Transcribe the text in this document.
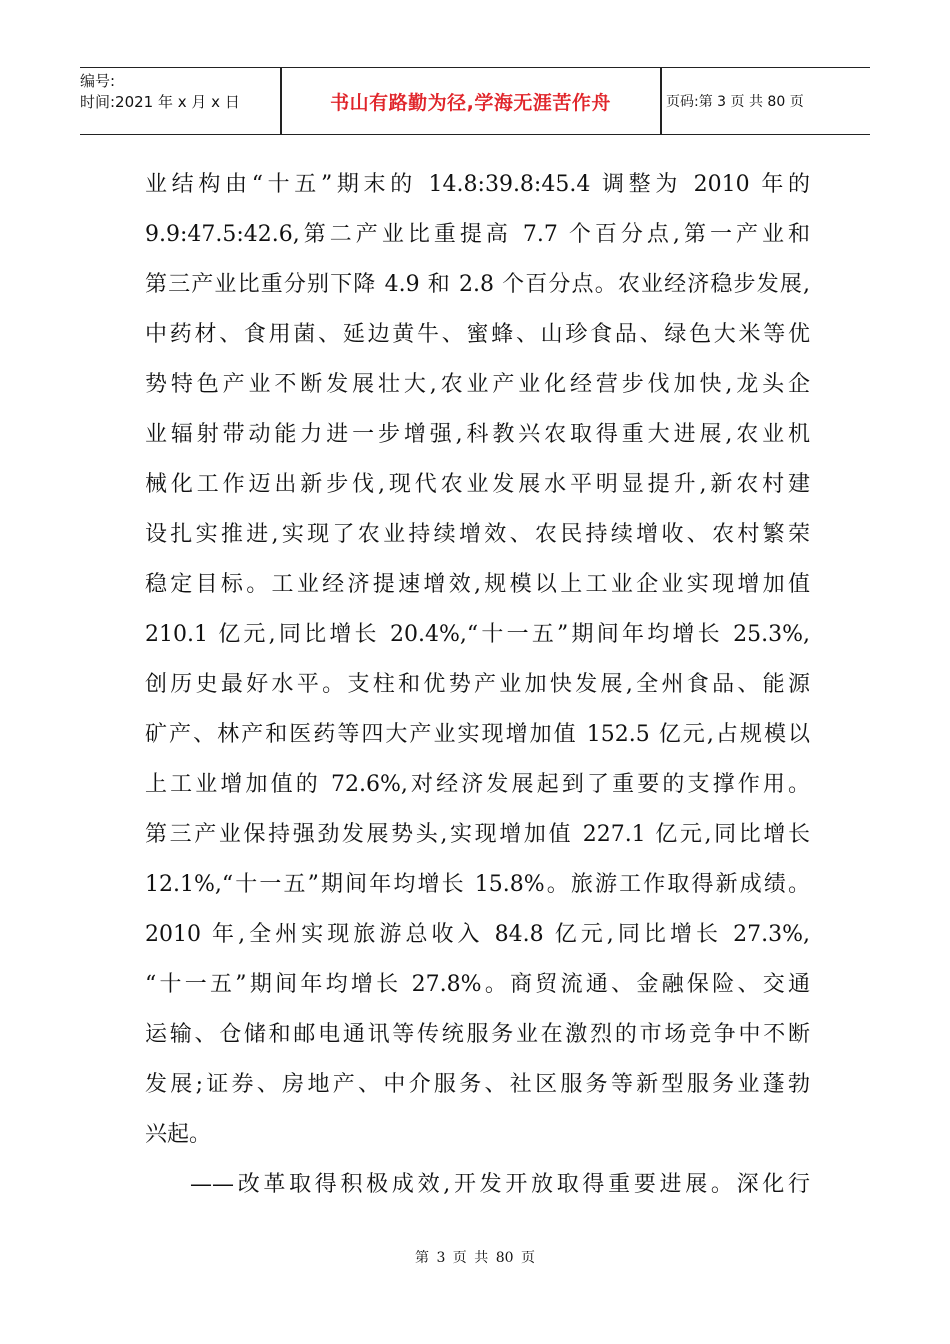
编号:
时间:2021 年 x 月 x 日	书山有路勤为径,学海无涯苦作舟	页码:第 3 页 共 80 页
业结构由“十五”期末的 14.8:39.8:45.4 调整为 2010 年的
9.9:47.5:42.6,第二产业比重提高 7.7 个百分点,第一产业和
第三产业比重分别下降 4.9 和 2.8 个百分点。农业经济稳步发展,
中药材、食用菌、延边黄牛、蜜蜂、山珍食品、绿色大米等优
势特色产业不断发展壮大,农业产业化经营步伐加快,龙头企
业辐射带动能力进一步增强,科教兴农取得重大进展,农业机
械化工作迈出新步伐,现代农业发展水平明显提升,新农村建
设扎实推进,实现了农业持续增效、农民持续增收、农村繁荣
稳定目标。工业经济提速增效,规模以上工业企业实现增加值
210.1 亿元,同比增长 20.4%,“十一五”期间年均增长 25.3%,
创历史最好水平。支柱和优势产业加快发展,全州食品、能源
矿产、林产和医药等四大产业实现增加值 152.5 亿元,占规模以
上工业增加值的 72.6%,对经济发展起到了重要的支撑作用。
第三产业保持强劲发展势头,实现增加值 227.1 亿元,同比增长
12.1%,“十一五”期间年均增长 15.8%。旅游工作取得新成绩。
2010 年,全州实现旅游总收入 84.8 亿元,同比增长 27.3%,
“十一五”期间年均增长 27.8%。商贸流通、金融保险、交通
运输、仓储和邮电通讯等传统服务业在激烈的市场竞争中不断
发展;证券、房地产、中介服务、社区服务等新型服务业蓬勃
兴起。
——改革取得积极成效,开发开放取得重要进展。深化行
第 3 页 共 80 页
